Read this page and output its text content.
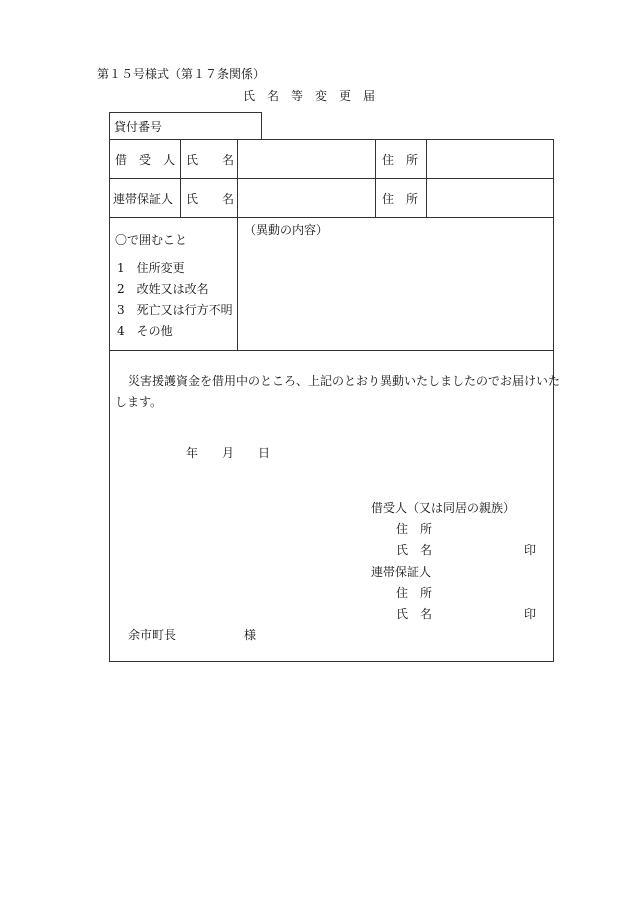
第１５号様式（第１７条関係）
氏　名　等　変　更　届
貸付番号
借　受　人 氏　　名	住　所
連帯保証人 氏　　名	住　所
〇で囲むこと
1　住所変更
2　改姓又は改名
3　死亡又は行方不明
4　その他
（異動の内容）
災害援護資金を借用中のところ、上記のとおり異動いたしましたのでお届けいた
します。
年 月 日
借受人（又は同居の親族）
住　所
氏　名	印
連帯保証人
住　所
氏　名	印
余市町長	様
